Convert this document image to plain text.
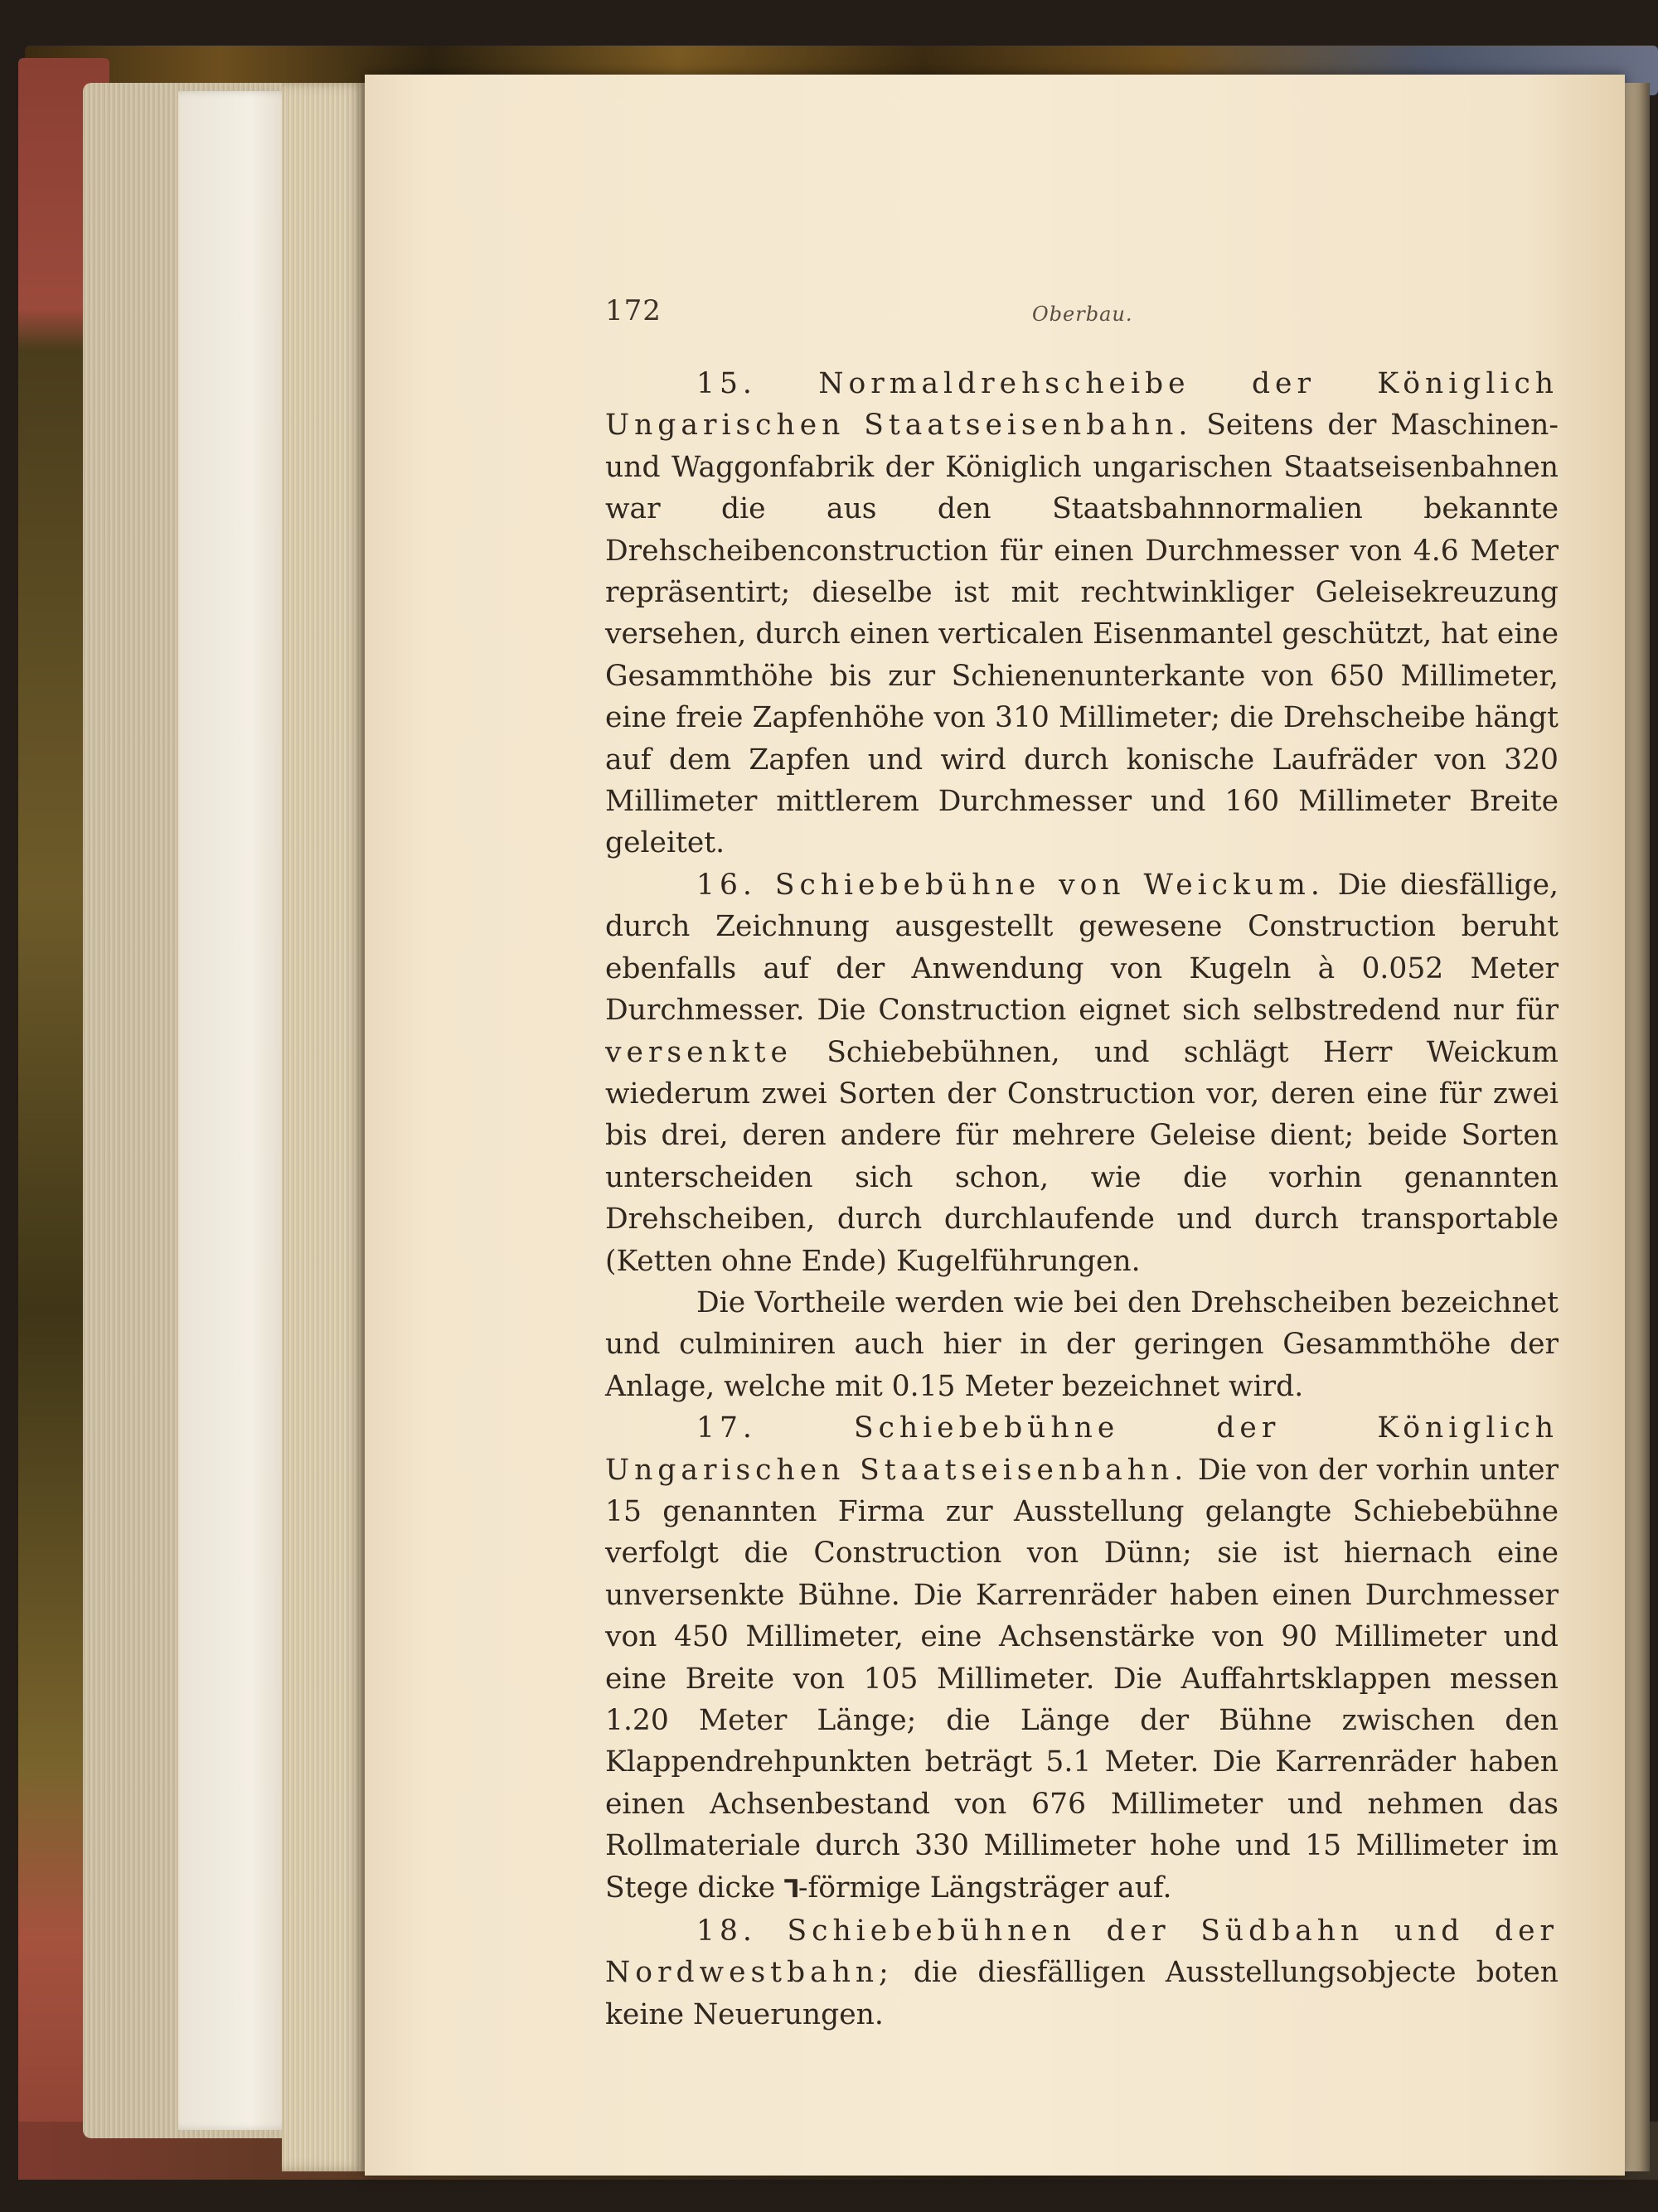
172	Oberbau.

15. Normaldrehscheibe der Königlich Ungarischen Staatseisenbahn. Seitens der Maschinen- und Waggonfabrik der Königlich ungarischen Staatseisenbahnen war die aus den Staatsbahnnormalien bekannte Drehscheibenconstruction für einen Durchmesser von 4.6 Meter repräsentirt; dieselbe ist mit rechtwinkliger Geleisekreuzung versehen, durch einen verticalen Eisenmantel geschützt, hat eine Gesammthöhe bis zur Schienenunterkante von 650 Millimeter, eine freie Zapfenhöhe von 310 Millimeter; die Drehscheibe hängt auf dem Zapfen und wird durch konische Laufräder von 320 Millimeter mittlerem Durchmesser und 160 Millimeter Breite geleitet.

16. Schiebebühne von Weickum. Die diesfällige, durch Zeichnung ausgestellt gewesene Construction beruht ebenfalls auf der Anwendung von Kugeln à 0.052 Meter Durchmesser. Die Construction eignet sich selbstredend nur für versenkte Schiebebühnen, und schlägt Herr Weickum wiederum zwei Sorten der Construction vor, deren eine für zwei bis drei, deren andere für mehrere Geleise dient; beide Sorten unterscheiden sich schon, wie die vorhin genannten Drehscheiben, durch durchlaufende und durch transportable (Ketten ohne Ende) Kugelführungen.

Die Vortheile werden wie bei den Drehscheiben bezeichnet und culminiren auch hier in der geringen Gesammthöhe der Anlage, welche mit 0.15 Meter bezeichnet wird.

17. Schiebebühne der Königlich Ungarischen Staatseisenbahn. Die von der vorhin unter 15 genannten Firma zur Ausstellung gelangte Schiebebühne verfolgt die Construction von Dünn; sie ist hiernach eine unversenkte Bühne. Die Karrenräder haben einen Durchmesser von 450 Millimeter, eine Achsenstärke von 90 Millimeter und eine Breite von 105 Millimeter. Die Auffahrtsklappen messen 1.20 Meter Länge; die Länge der Bühne zwischen den Klappendrehpunkten beträgt 5.1 Meter. Die Karrenräder haben einen Achsenbestand von 676 Millimeter und nehmen das Rollmateriale durch 330 Millimeter hohe und 15 Millimeter im Stege dicke ⅂-förmige Längsträger auf.

18. Schiebebühnen der Südbahn und der Nordwestbahn; die diesfälligen Ausstellungsobjecte boten keine Neuerungen.
